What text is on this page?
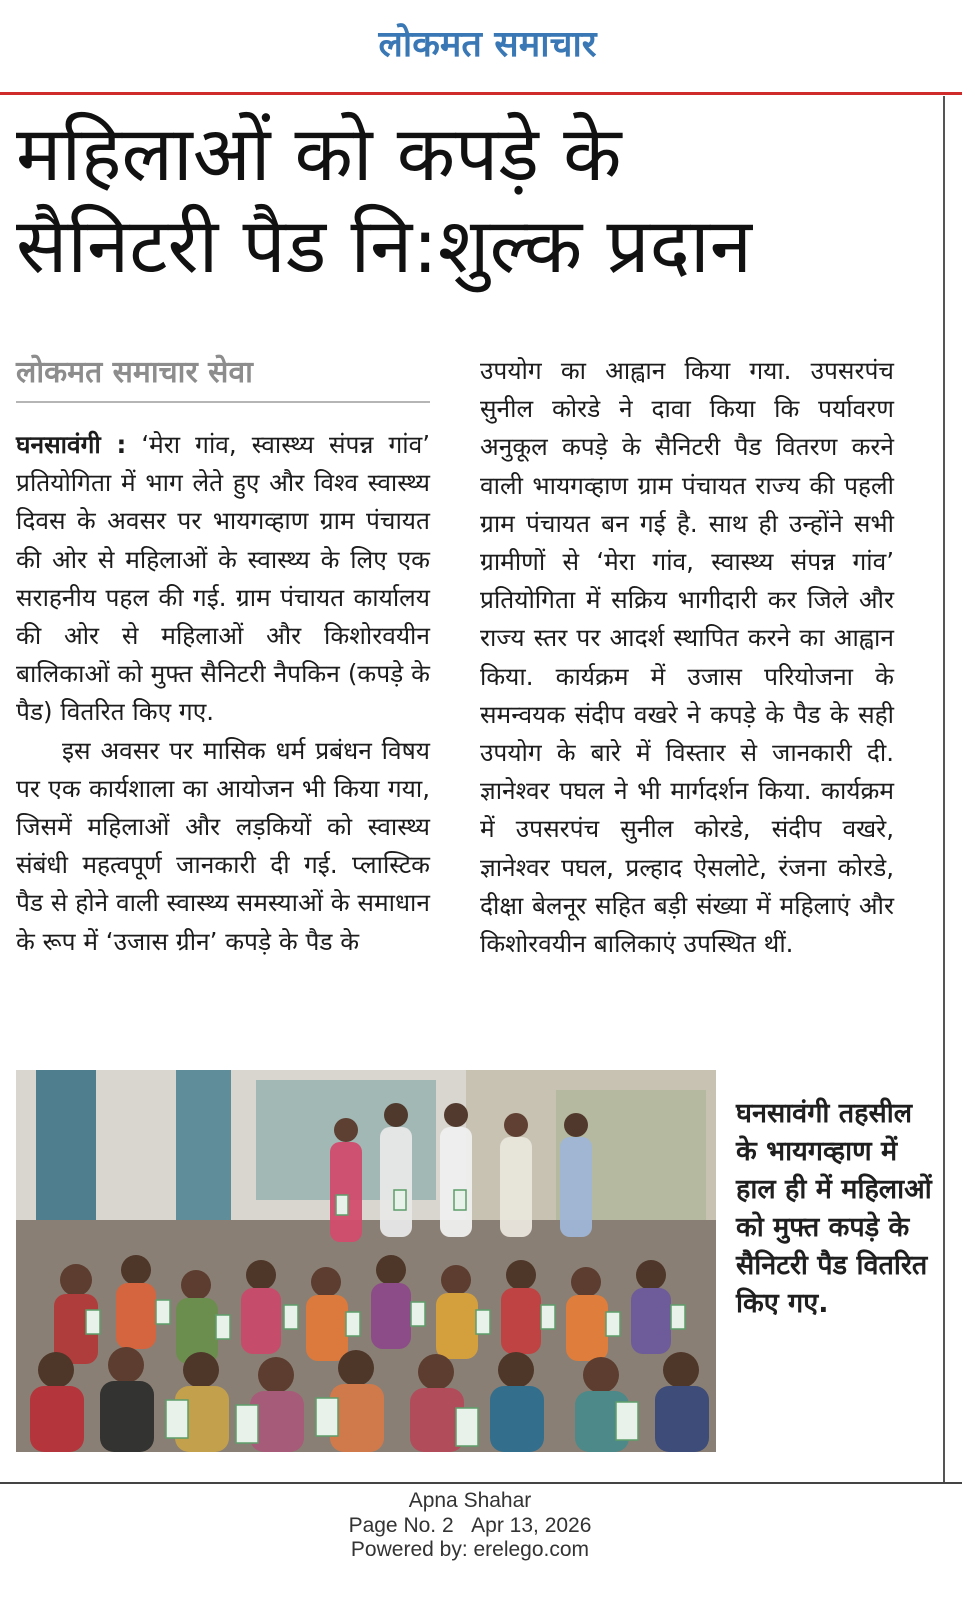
लोकमत समाचार
महिलाओं को कपड़े के
सैनिटरी पैड नि:शुल्क प्रदान
लोकमत समाचार सेवा

घनसावंगी : ‘मेरा गांव, स्वास्थ्य संपन्न गांव’ प्रतियोगिता में भाग लेते हुए और विश्व स्वास्थ्य दिवस के अवसर पर भायगव्हाण ग्राम पंचायत की ओर से महिलाओं के स्वास्थ्य के लिए एक सराहनीय पहल की गई. ग्राम पंचायत कार्यालय की ओर से महिलाओं और किशोरवयीन बालिकाओं को मुफ्त सैनिटरी नैपकिन (कपड़े के पैड) वितरित किए गए.

इस अवसर पर मासिक धर्म प्रबंधन विषय पर एक कार्यशाला का आयोजन भी किया गया, जिसमें महिलाओं और लड़कियों को स्वास्थ्य संबंधी महत्वपूर्ण जानकारी दी गई. प्लास्टिक पैड से होने वाली स्वास्थ्य समस्याओं के समाधान के रूप में ‘उजास ग्रीन’ कपड़े के पैड के

उपयोग का आह्वान किया गया. उपसरपंच सुनील कोरडे ने दावा किया कि पर्यावरण अनुकूल कपड़े के सैनिटरी पैड वितरण करने वाली भायगव्हाण ग्राम पंचायत राज्य की पहली ग्राम पंचायत बन गई है. साथ ही उन्होंने सभी ग्रामीणों से ‘मेरा गांव, स्वास्थ्य संपन्न गांव’ प्रतियोगिता में सक्रिय भागीदारी कर जिले और राज्य स्तर पर आदर्श स्थापित करने का आह्वान किया. कार्यक्रम में उजास परियोजना के समन्वयक संदीप वखरे ने कपड़े के पैड के सही उपयोग के बारे में विस्तार से जानकारी दी. ज्ञानेश्वर पघल ने भी मार्गदर्शन किया. कार्यक्रम में उपसरपंच सुनील कोरडे, संदीप वखरे, ज्ञानेश्वर पघल, प्रल्हाद ऐसलोटे, रंजना कोरडे, दीक्षा बेलनूर सहित बड़ी संख्या में महिलाएं और किशोरवयीन बालिकाएं उपस्थित थीं.

घनसावंगी तहसील के भायगव्हाण में हाल ही में महिलाओं को मुफ्त कपड़े के सैनिटरी पैड वितरित किए गए.
Apna Shahar
Page No. 2 Apr 13, 2026
Powered by: erelego.com
